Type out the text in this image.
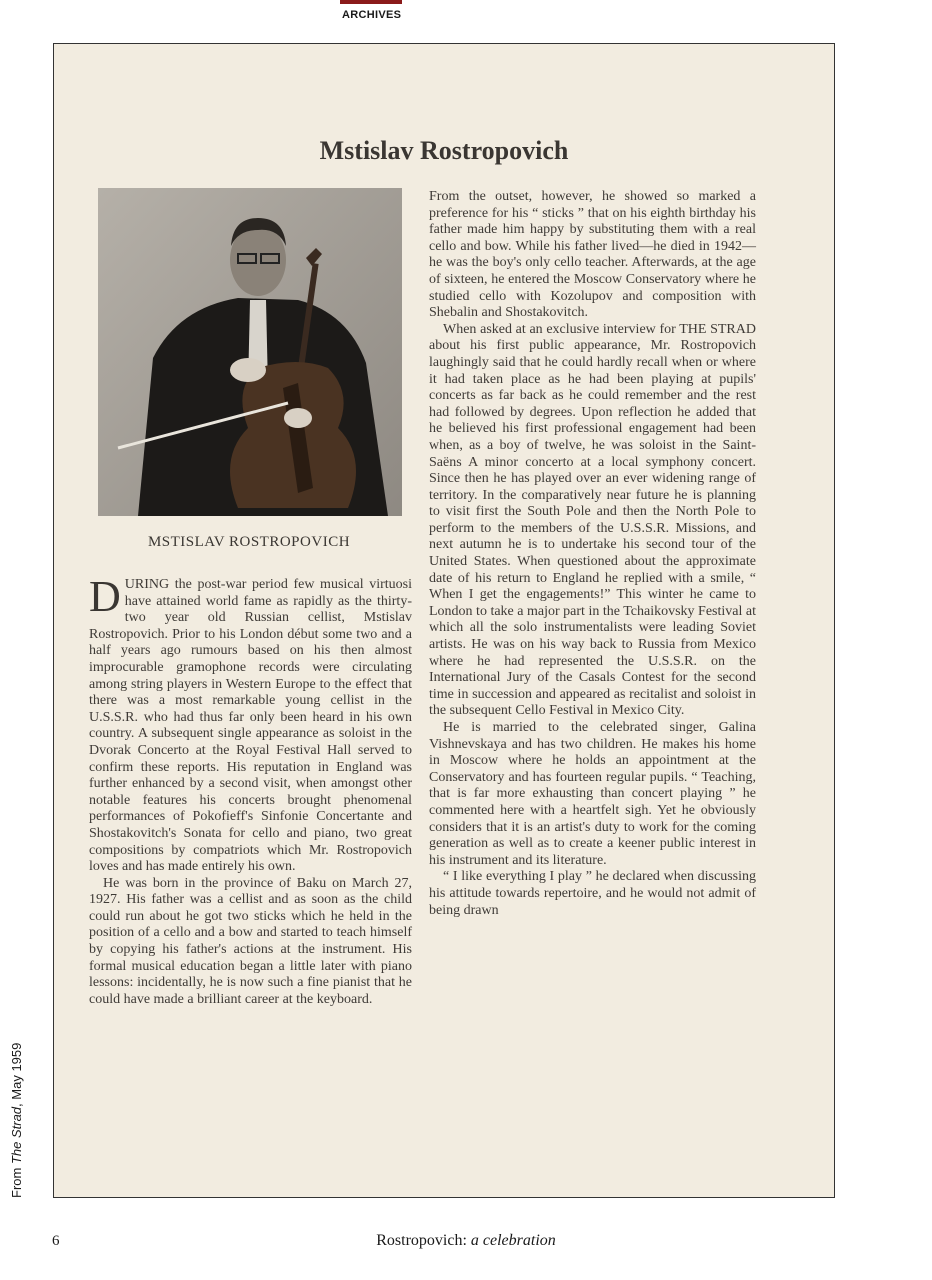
ARCHIVES
Mstislav Rostropovich
MSTISLAV ROSTROPOVICH

DURING the post-war period few musical virtuosi have attained world fame as rapidly as the thirty-two year old Russian cellist, Mstislav Rostropovich. Prior to his London début some two and a half years ago rumours based on his then almost improcurable gramophone records were circulating among string players in Western Europe to the effect that there was a most remarkable young cellist in the U.S.S.R. who had thus far only been heard in his own country. A subsequent single appearance as soloist in the Dvorak Concerto at the Royal Festival Hall served to confirm these reports. His reputation in England was further enhanced by a second visit, when amongst other notable features his concerts brought phenomenal performances of Pokofieff's Sinfonie Concertante and Shostakovitch's Sonata for cello and piano, two great compositions by compatriots which Mr. Rostropovich loves and has made entirely his own.

He was born in the province of Baku on March 27, 1927. His father was a cellist and as soon as the child could run about he got two sticks which he held in the position of a cello and a bow and started to teach himself by copying his father's actions at the instrument. His formal musical education began a little later with piano lessons: incidentally, he is now such a fine pianist that he could have made a brilliant career at the keyboard.

From the outset, however, he showed so marked a preference for his “ sticks ” that on his eighth birthday his father made him happy by substituting them with a real cello and bow. While his father lived—he died in 1942—he was the boy's only cello teacher. Afterwards, at the age of sixteen, he entered the Moscow Conservatory where he studied cello with Kozolupov and composition with Shebalin and Shostakovitch.

When asked at an exclusive interview for THE STRAD about his first public appearance, Mr. Rostropovich laughingly said that he could hardly recall when or where it had taken place as he had been playing at pupils' concerts as far back as he could remember and the rest had followed by degrees. Upon reflection he added that he believed his first professional engagement had been when, as a boy of twelve, he was soloist in the Saint-Saëns A minor concerto at a local symphony concert. Since then he has played over an ever widening range of territory. In the comparatively near future he is planning to visit first the South Pole and then the North Pole to perform to the members of the U.S.S.R. Missions, and next autumn he is to undertake his second tour of the United States. When questioned about the approximate date of his return to England he replied with a smile, “ When I get the engagements!” This winter he came to London to take a major part in the Tchaikovsky Festival at which all the solo instrumentalists were leading Soviet artists. He was on his way back to Russia from Mexico where he had represented the U.S.S.R. on the International Jury of the Casals Contest for the second time in succession and appeared as recitalist and soloist in the subsequent Cello Festival in Mexico City.

He is married to the celebrated singer, Galina Vishnevskaya and has two children. He makes his home in Moscow where he holds an appointment at the Conservatory and has fourteen regular pupils. “ Teaching, that is far more exhausting than concert playing ” he commented here with a heartfelt sigh. Yet he obviously considers that it is an artist's duty to work for the coming generation as well as to create a keener public interest in his instrument and its literature.

“ I like everything I play ” he declared when discussing his attitude towards repertoire, and he would not admit of being drawn

From The Strad, May 1959
6	Rostropovich: a celebration
